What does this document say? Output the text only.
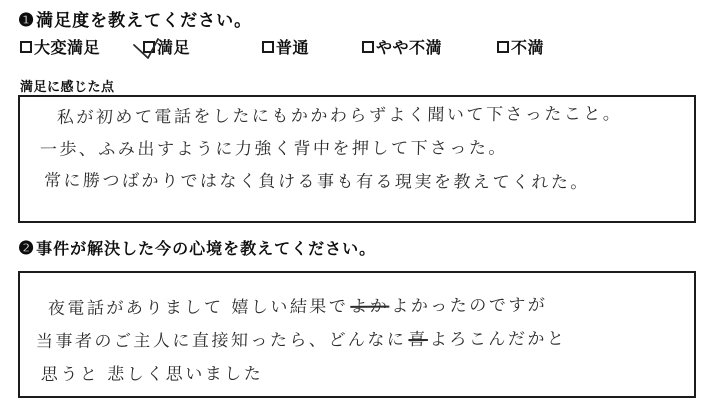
❶満足度を教えてください。
大変満足	満足	普通	やや不満	不満
満足に感じた点
私が初めて電話をしたにもかかわらずよく聞いて下さったこと。
一歩、ふみ出すように力強く背中を押して下さった。
常に勝つばかりではなく負ける事も有る現実を教えてくれた。
❷事件が解決した今の心境を教えてください。
夜電話がありまして 嬉しい結果でよかよかったのですが
当事者のご主人に直接知ったら、どんなに喜よろこんだかと
思うと 悲しく思いました
